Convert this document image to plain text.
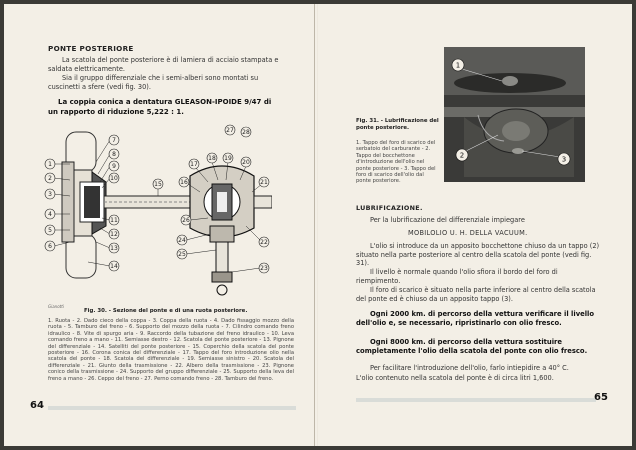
PONTE POSTERIORE
La scatola del ponte posteriore è di lamiera di acciaio stampata e saldata elettricamente.
Sia il gruppo differenziale che i semi-alberi sono montati su cuscinetti a sfere (vedi fig. 30).
La coppia conica a dentatura GLEASON-IPOIDE 9/47 di
un rapporto di riduzione 5,222 : 1.
1
2
3
4
5
6
7
8
9
10
11
12
13
14
15	16
17
18 19
20
21
22
23
24
25
26
27 28
Gianotti
Fig. 30. - Sezione del ponte e di una ruota posteriore.
1. Ruota - 2. Dado cieco della coppa - 3. Coppa della ruota - 4. Dado fissaggio mozzo della ruota - 5. Tamburo del freno - 6. Supporto del mozzo della ruota - 7. Cilindro comando freno idraulico - 8. Vite di spurgo aria - 9. Raccordo della tubazione del freno idraulico - 10. Leva comando freno a mano - 11. Semiasse destro - 12. Scatola del ponte posteriore - 13. Pignone del differenziale - 14. Satelliti del ponte posteriore - 15. Coperchio della scatola del ponte posteriore - 16. Corona conica del differenziale - 17. Tappo del foro introduzione olio nella scatola del ponte - 18. Scatola del differenziale - 19. Semiasse sinistro - 20. Scatola del differenziale - 21. Giunto della trasmissione - 22. Albero della trasmissione - 23. Pignone conico della trasmissione - 24. Supporto del gruppo differenziale - 25. Supporto della leva del freno a mano - 26. Ceppo del freno - 27. Perno comando freno - 28. Tamburo del freno.
64
Fig. 31. - Lubrificazione del ponte posteriore.
1. Tappo del foro di scarico del serbatoio del carburante - 2. Tappo del bocchettone d'introduzione dell'olio nel ponte posteriore - 3. Tappo del foro di scarico dell'olio dal ponte posteriore.
1
2	3
LUBRIFICAZIONE.
Per la lubrificazione del differenziale impiegare
MOBILOLIO U. H. DELLA VACUUM.
L'olio si introduce da un apposito bocchettone chiuso da un tappo (2) situato nella parte posteriore al centro della scatola del ponte (vedi fig. 31).
Il livello è normale quando l'olio sfiora il bordo del foro di riempimento.
Il foro di scarico è situato nella parte inferiore al centro della scatola del ponte ed è chiuso da un apposito tappo (3).
Ogni 2000 km. di percorso della vettura verificare il livello dell'olio e, se necessario, ripristinarlo con olio fresco.
Ogni 8000 km. di percorso della vettura sostituire completamente l'olio della scatola del ponte con olio fresco.
Per facilitare l'introduzione dell'olio, farlo intiepidire a 40° C.
L'olio contenuto nella scatola del ponte è di circa litri 1,600.
65
